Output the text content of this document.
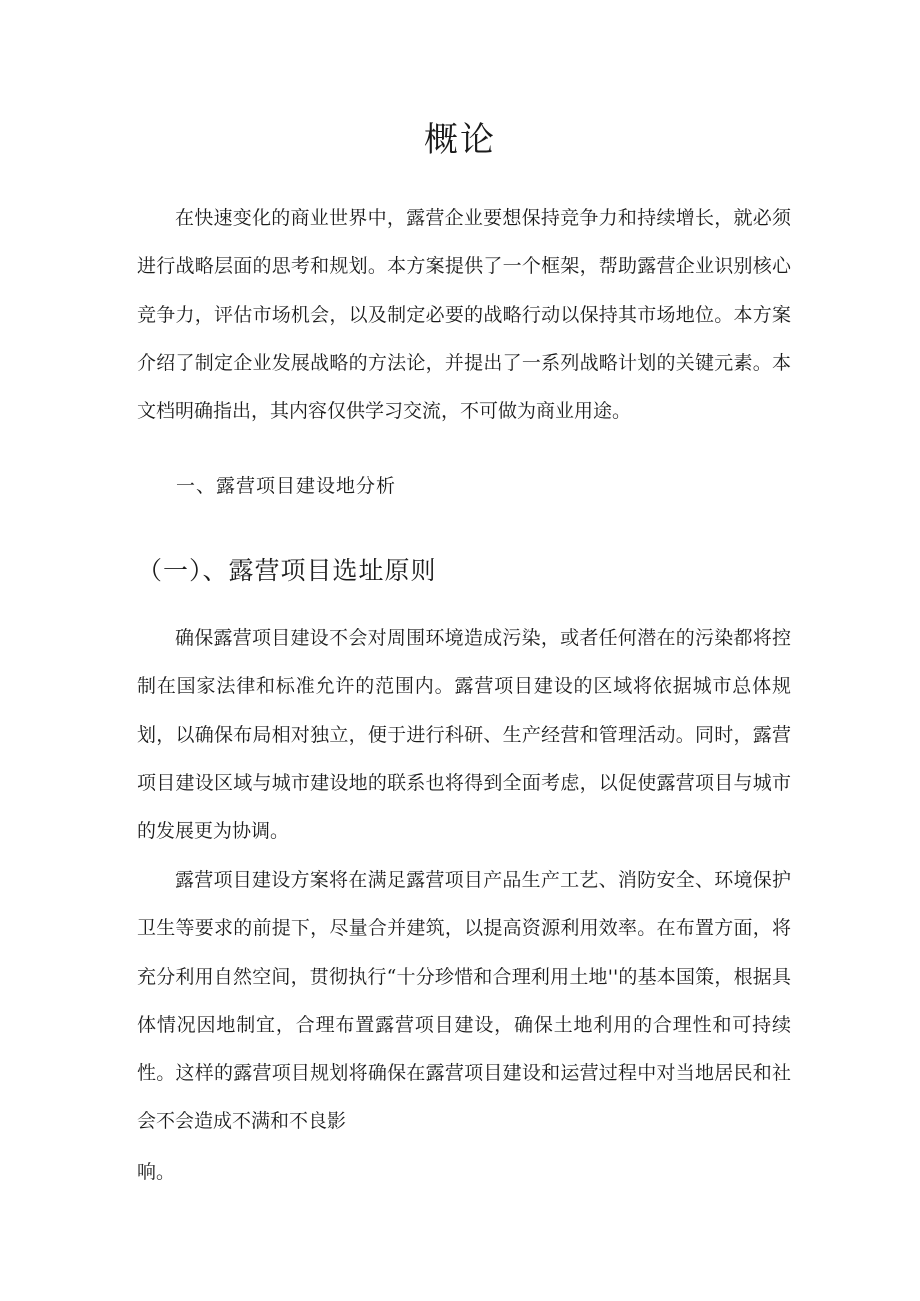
概论

在快速变化的商业世界中，露营企业要想保持竞争力和持续增长，就必须进行战略层面的思考和规划。本方案提供了一个框架，帮助露营企业识别核心竞争力，评估市场机会，以及制定必要的战略行动以保持其市场地位。本方案介绍了制定企业发展战略的方法论，并提出了一系列战略计划的关键元素。本文档明确指出，其内容仅供学习交流，不可做为商业用途。

一、露营项目建设地分析
（一）、露营项目选址原则

确保露营项目建设不会对周围环境造成污染，或者任何潜在的污染都将控制在国家法律和标准允许的范围内。露营项目建设的区域将依据城市总体规划，以确保布局相对独立，便于进行科研、生产经营和管理活动。同时，露营项目建设区域与城市建设地的联系也将得到全面考虑，以促使露营项目与城市的发展更为协调。

露营项目建设方案将在满足露营项目产品生产工艺、消防安全、环境保护卫生等要求的前提下，尽量合并建筑，以提高资源利用效率。在布置方面，将充分利用自然空间，贯彻执行“十分珍惜和合理利用土地''的基本国策，根据具体情况因地制宜，合理布置露营项目建设，确保土地利用的合理性和可持续性。这样的露营项目规划将确保在露营项目建设和运营过程中对当地居民和社会不会造成不满和不良影

响。
